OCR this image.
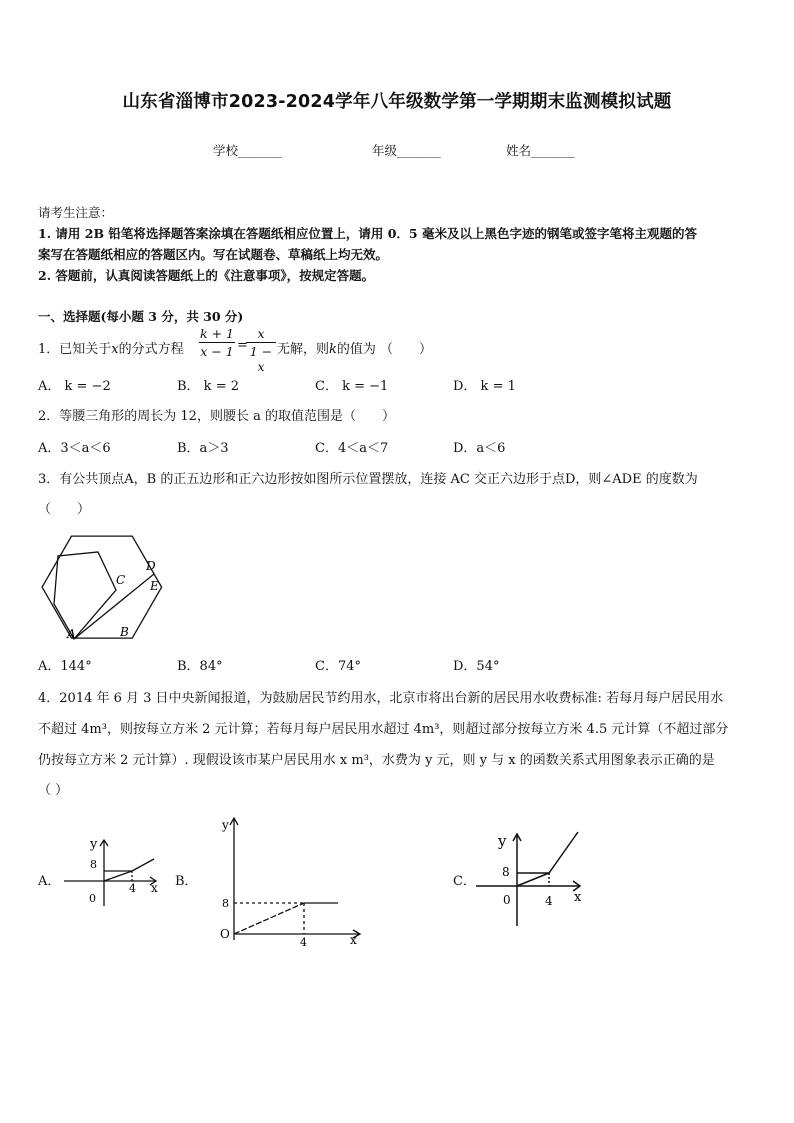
山东省淄博市2023-2024学年八年级数学第一学期期末监测模拟试题
学校_______	年级_______	姓名_______
请考生注意：
1. 请用 2B 铅笔将选择题答案涂填在答题纸相应位置上，请用 0．5 毫米及以上黑色字迹的钢笔或签字笔将主观题的答
案写在答题纸相应的答题区内。写在试题卷、草稿纸上均无效。
2. 答题前，认真阅读答题纸上的《注意事项》，按规定答题。
一、选择题(每小题 3 分，共 30 分)
1．已知关于x的分式方程
k + 1
x − 1 =
x
1 − x
无解，则k的值为 （　　）
A． k = −2	B． k = 2	C． k = −1	D． k = 1
2．等腰三角形的周长为 12，则腰长 a 的取值范围是（　　）
A．3＜a＜6	B．a＞3	C．4＜a＜7	D．a＜6
3．有公共顶点A，B 的正五边形和正六边形按如图所示位置摆放，连接 AC 交正六边形于点D，则∠ADE 的度数为
（　　）
A	B
C
D
E
A．144°	B．84°	C．74°	D．54°
4．2014 年 6 月 3 日中央新闻报道，为鼓励居民节约用水，北京市将出台新的居民用水收费标准: 若每月每户居民用水
不超过 4m³，则按每立方米 2 元计算；若每月每户居民用水超过 4m³，则超过部分按每立方米 4.5 元计算（不超过部分
仍按每立方米 2 元计算）. 现假设该市某户居民用水 x m³，水费为 y 元，则 y 与 x 的函数关系式用图象表示正确的是
（ ）
A．
y
x
8
4
0
B．
y
x
8
4
O
C．
y
x
8
4
0
